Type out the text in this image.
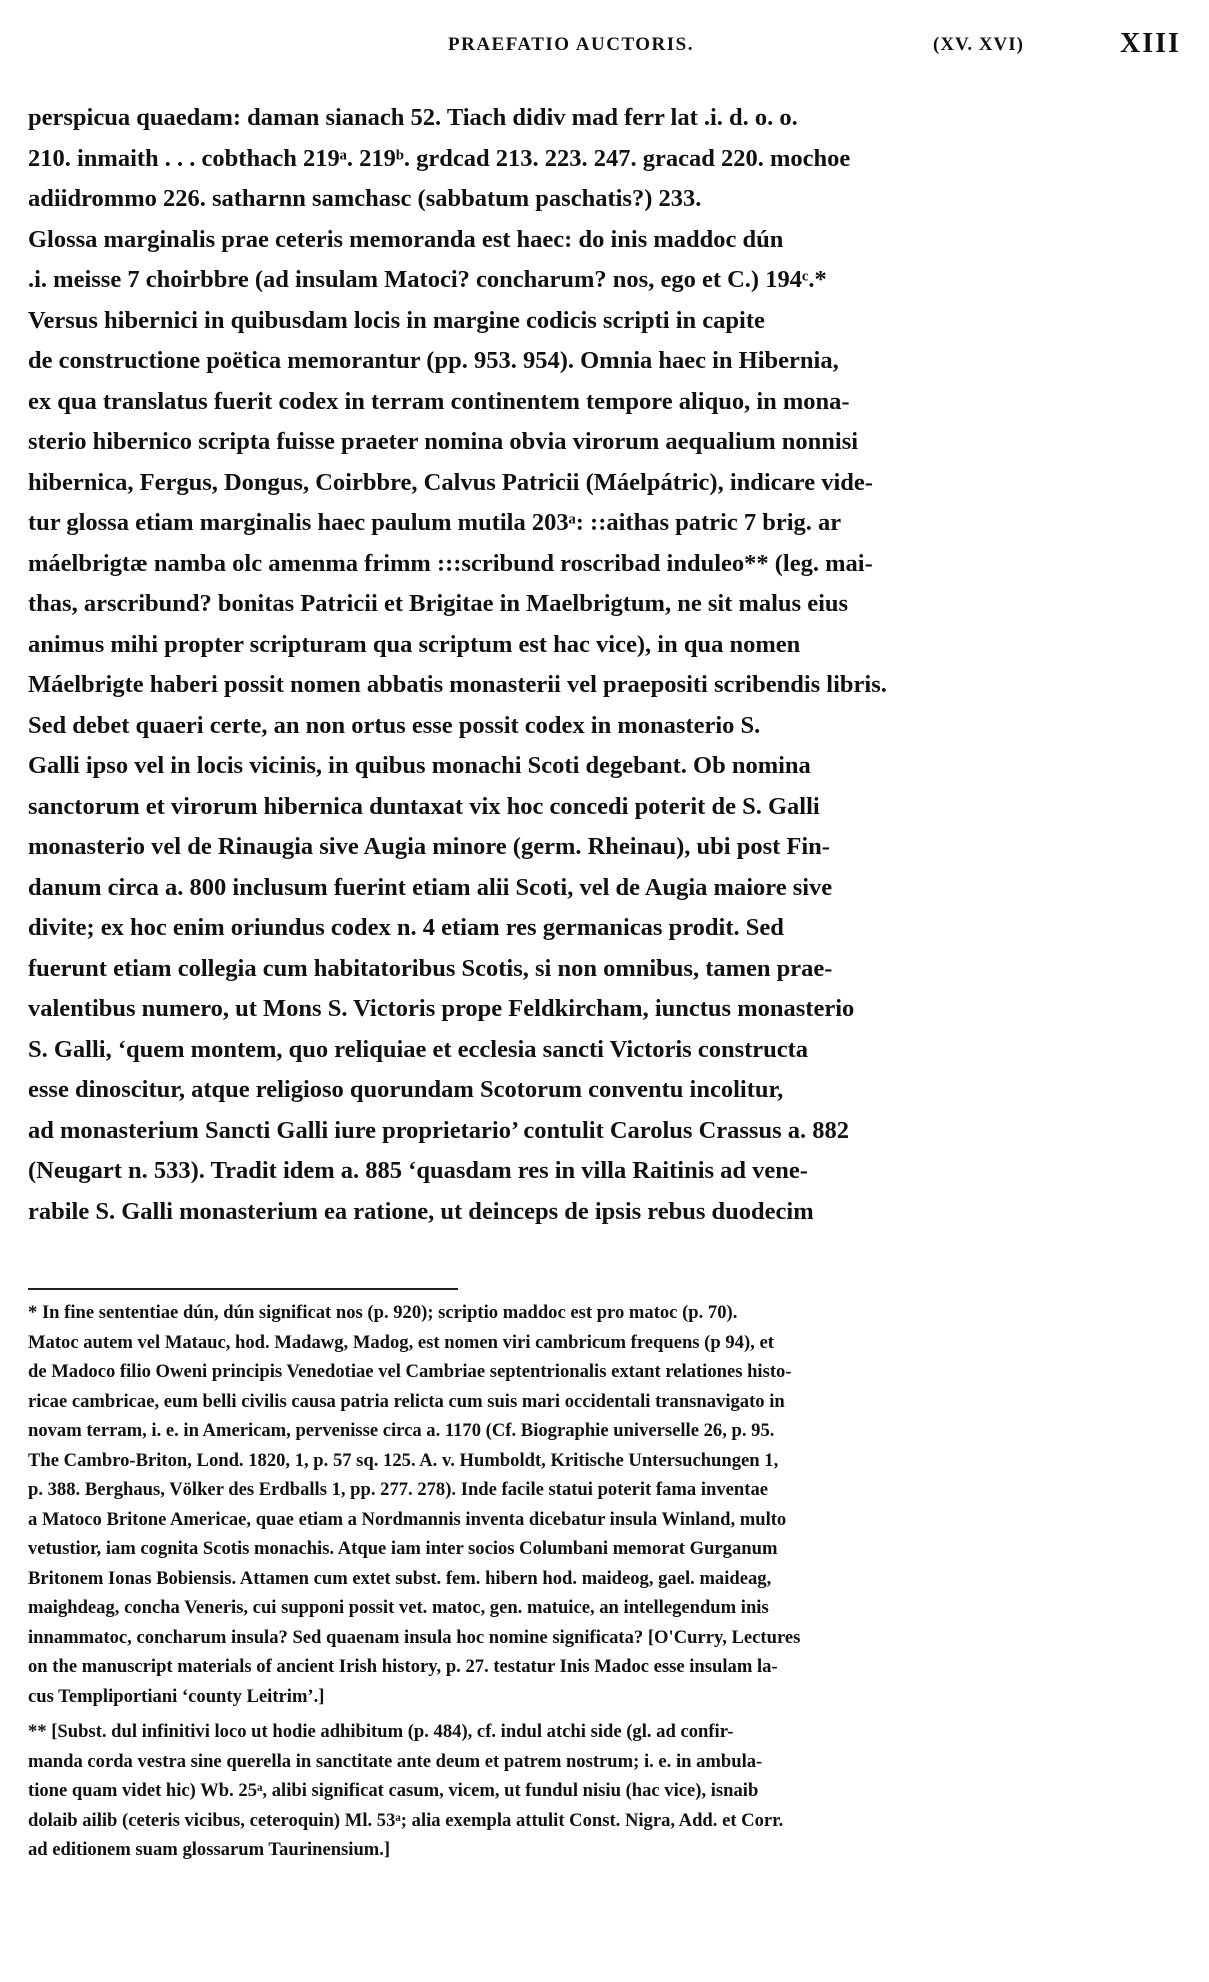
PRAEFATIO AUCTORIS.	(XV. XVI)	XIII
perspicua quaedam: daman sianach 52. Tiach didiv mad ferr lat .i. d. o. o.
210. inmaith . . . cobthach 219ᵃ. 219ᵇ. grdcad 213. 223. 247. gracad 220. mochoe
adiidrommo 226. satharnn samchasc (sabbatum paschatis?) 233.
Glossa marginalis prae ceteris memoranda est haec: do inis maddoc dún
.i. meisse 7 choirbbre (ad insulam Matoci? concharum? nos, ego et C.) 194ᶜ.*
Versus hibernici in quibusdam locis in margine codicis scripti in capite
de constructione poëtica memorantur (pp. 953. 954). Omnia haec in Hibernia,
ex qua translatus fuerit codex in terram continentem tempore aliquo, in mona-
sterio hibernico scripta fuisse praeter nomina obvia virorum aequalium nonnisi
hibernica, Fergus, Dongus, Coirbbre, Calvus Patricii (Máelpátric), indicare vide-
tur glossa etiam marginalis haec paulum mutila 203ᵃ: ::aithas patric 7 brig. ar
máelbrigtæ namba olc amenma frimm :::scribund roscribad induleo** (leg. mai-
thas, arscribund? bonitas Patricii et Brigitae in Maelbrigtum, ne sit malus eius
animus mihi propter scripturam qua scriptum est hac vice), in qua nomen
Máelbrigte haberi possit nomen abbatis monasterii vel praepositi scribendis libris.
Sed debet quaeri certe, an non ortus esse possit codex in monasterio S.
Galli ipso vel in locis vicinis, in quibus monachi Scoti degebant. Ob nomina
sanctorum et virorum hibernica duntaxat vix hoc concedi poterit de S. Galli
monasterio vel de Rinaugia sive Augia minore (germ. Rheinau), ubi post Fin-
danum circa a. 800 inclusum fuerint etiam alii Scoti, vel de Augia maiore sive
divite; ex hoc enim oriundus codex n. 4 etiam res germanicas prodit. Sed
fuerunt etiam collegia cum habitatoribus Scotis, si non omnibus, tamen prae-
valentibus numero, ut Mons S. Victoris prope Feldkircham, iunctus monasterio
S. Galli, ‘quem montem, quo reliquiae et ecclesia sancti Victoris constructa
esse dinoscitur, atque religioso quorundam Scotorum conventu incolitur,
ad monasterium Sancti Galli iure proprietario’ contulit Carolus Crassus a. 882
(Neugart n. 533). Tradit idem a. 885 ‘quasdam res in villa Raitinis ad vene-
rabile S. Galli monasterium ea ratione, ut deinceps de ipsis rebus duodecim
* In fine sententiae dún, dún significat nos (p. 920); scriptio maddoc est pro matoc (p. 70).
Matoc autem vel Matauc, hod. Madawg, Madog, est nomen viri cambricum frequens (p 94), et
de Madoco filio Oweni principis Venedotiae vel Cambriae septentrionalis extant relationes histo-
ricae cambricae, eum belli civilis causa patria relicta cum suis mari occidentali transnavigato in
novam terram, i. e. in Americam, pervenisse circa a. 1170 (Cf. Biographie universelle 26, p. 95.
The Cambro-Briton, Lond. 1820, 1, p. 57 sq. 125. A. v. Humboldt, Kritische Untersuchungen 1,
p. 388. Berghaus, Völker des Erdballs 1, pp. 277. 278). Inde facile statui poterit fama inventae
a Matoco Britone Americae, quae etiam a Nordmannis inventa dicebatur insula Winland, multo
vetustior, iam cognita Scotis monachis. Atque iam inter socios Columbani memorat Gurganum
Britonem Ionas Bobiensis. Attamen cum extet subst. fem. hibern hod. maideog, gael. maideag,
maighdeag, concha Veneris, cui supponi possit vet. matoc, gen. matuice, an intellegendum inis
innammatoc, concharum insula? Sed quaenam insula hoc nomine significata? [O'Curry, Lectures
on the manuscript materials of ancient Irish history, p. 27. testatur Inis Madoc esse insulam la-
cus Templiportiani ‘county Leitrim’.]
** [Subst. dul infinitivi loco ut hodie adhibitum (p. 484), cf. indul atchi side (gl. ad confir-
manda corda vestra sine querella in sanctitate ante deum et patrem nostrum; i. e. in ambula-
tione quam videt hic) Wb. 25ᵃ, alibi significat casum, vicem, ut fundul nisiu (hac vice), isnaib
dolaib ailib (ceteris vicibus, ceteroquin) Ml. 53ᵃ; alia exempla attulit Const. Nigra, Add. et Corr.
ad editionem suam glossarum Taurinensium.]
